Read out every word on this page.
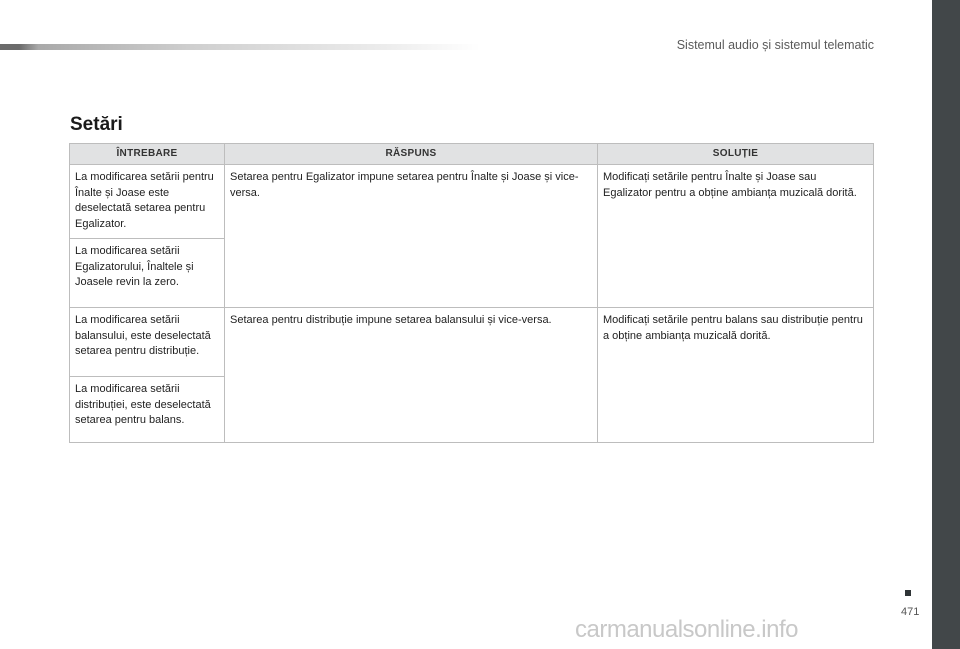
Sistemul audio și sistemul telematic
Setări
ÎNTREBARE	RĂSPUNS	SOLUȚIE
La modificarea setării pentru Înalte și Joase este deselectată setarea pentru Egalizator.	Setarea pentru Egalizator impune setarea pentru Înalte și Joase și vice-versa.	Modificați setările pentru Înalte și Joase sau Egalizator pentru a obține ambianța muzicală dorită.
La modificarea setării Egalizatorului, Înaltele și Joasele revin la zero.		
La modificarea setării balansului, este deselectată setarea pentru distribuție.	Setarea pentru distribuție impune setarea balansului și vice-versa.	Modificați setările pentru balans sau distribuție pentru a obține ambianța muzicală dorită.
La modificarea setării distribuției, este deselectată setarea pentru balans.		
471
carmanualsonline.info
